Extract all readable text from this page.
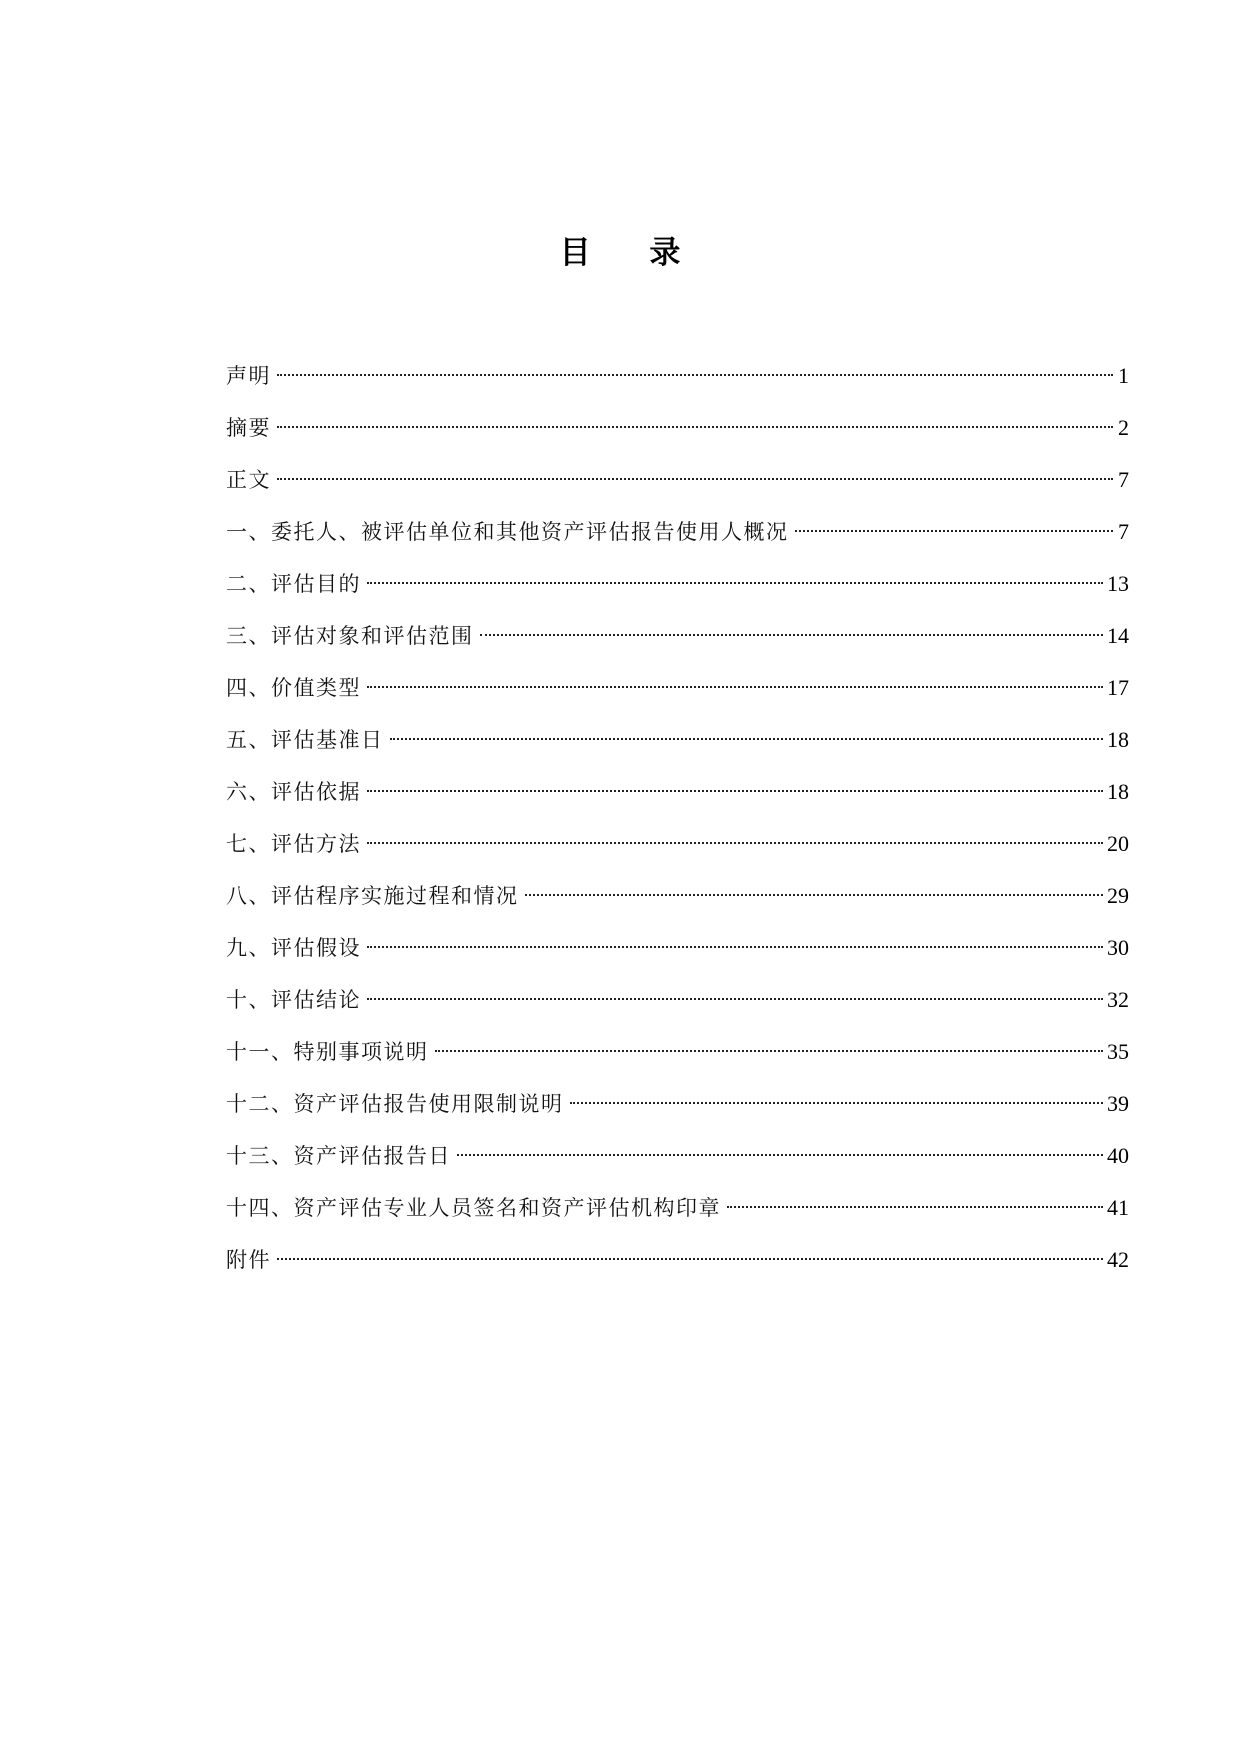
目 录
声明	1
摘要	2
正文	7
一、委托人、被评估单位和其他资产评估报告使用人概况	7
二、评估目的	13
三、评估对象和评估范围	14
四、价值类型	17
五、评估基准日	18
六、评估依据	18
七、评估方法	20
八、评估程序实施过程和情况	29
九、评估假设	30
十、评估结论	32
十一、特别事项说明	35
十二、资产评估报告使用限制说明	39
十三、资产评估报告日	40
十四、资产评估专业人员签名和资产评估机构印章	41
附件	42
